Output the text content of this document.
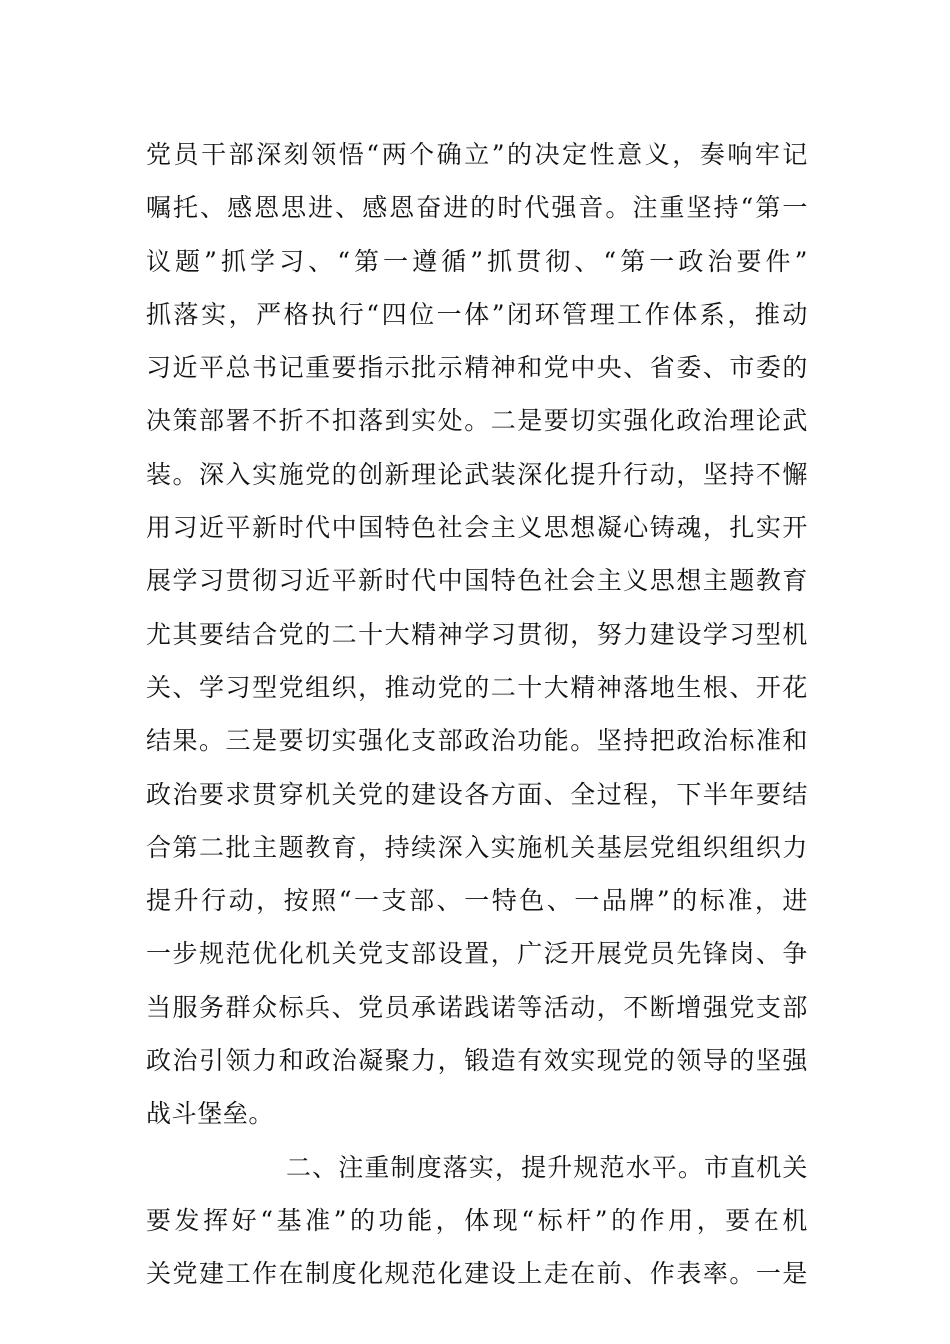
党员干部深刻领悟“两个确立”的决定性意义，奏响牢记
嘱托、感恩思进、感恩奋进的时代强音。注重坚持“第一
议题”抓学习、“第一遵循”抓贯彻、“第一政治要件”
抓落实，严格执行“四位一体”闭环管理工作体系，推动
习近平总书记重要指示批示精神和党中央、省委、市委的
决策部署不折不扣落到实处。二是要切实强化政治理论武
装。深入实施党的创新理论武装深化提升行动，坚持不懈
用习近平新时代中国特色社会主义思想凝心铸魂，扎实开
展学习贯彻习近平新时代中国特色社会主义思想主题教育
尤其要结合党的二十大精神学习贯彻，努力建设学习型机
关、学习型党组织，推动党的二十大精神落地生根、开花
结果。三是要切实强化支部政治功能。坚持把政治标准和
政治要求贯穿机关党的建设各方面、全过程，下半年要结
合第二批主题教育，持续深入实施机关基层党组织组织力
提升行动，按照“一支部、一特色、一品牌”的标准，进
一步规范优化机关党支部设置，广泛开展党员先锋岗、争
当服务群众标兵、党员承诺践诺等活动，不断增强党支部
政治引领力和政治凝聚力，锻造有效实现党的领导的坚强
战斗堡垒。
二、注重制度落实，提升规范水平。市直机关
要发挥好“基准”的功能，体现“标杆”的作用，要在机
关党建工作在制度化规范化建设上走在前、作表率。一是
